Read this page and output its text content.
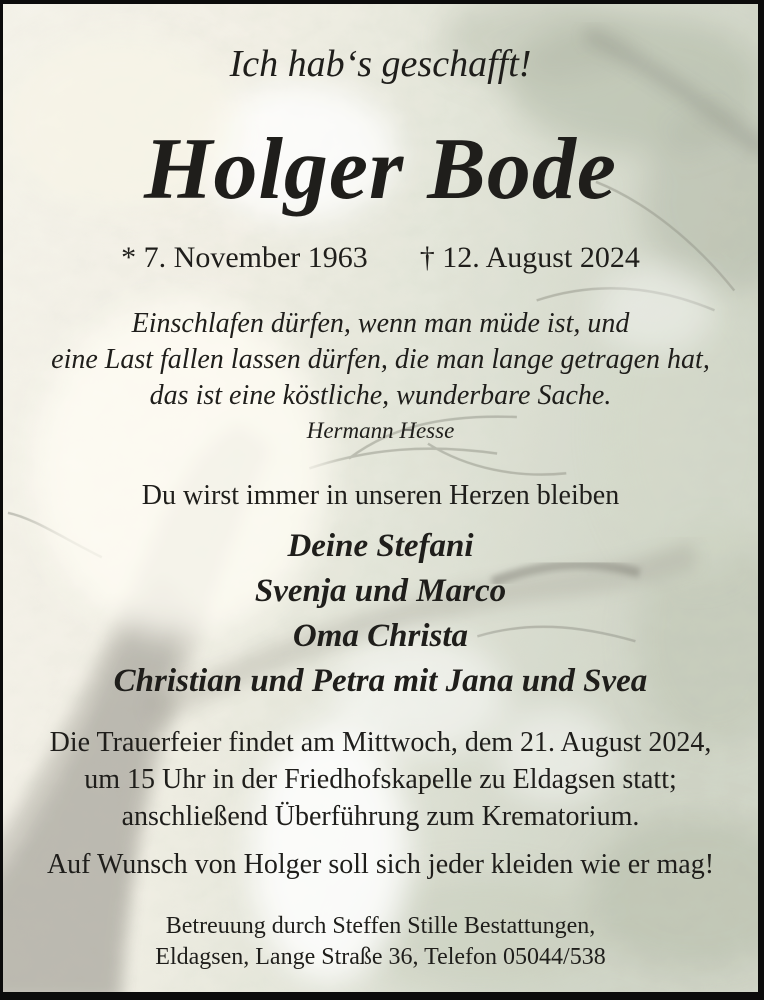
Ich hab‘s geschafft!
Holger Bode
* 7. November 1963 † 12. August 2024
Einschlafen dürfen, wenn man müde ist, und
eine Last fallen lassen dürfen, die man lange getragen hat,
das ist eine köstliche, wunderbare Sache.
Hermann Hesse
Du wirst immer in unseren Herzen bleiben
Deine Stefani
Svenja und Marco
Oma Christa
Christian und Petra mit Jana und Svea
Die Trauerfeier findet am Mittwoch, dem 21. August 2024,
um 15 Uhr in der Friedhofskapelle zu Eldagsen statt;
anschließend Überführung zum Krematorium.
Auf Wunsch von Holger soll sich jeder kleiden wie er mag!
Betreuung durch Steffen Stille Bestattungen,
Eldagsen, Lange Straße 36, Telefon 05044/538
